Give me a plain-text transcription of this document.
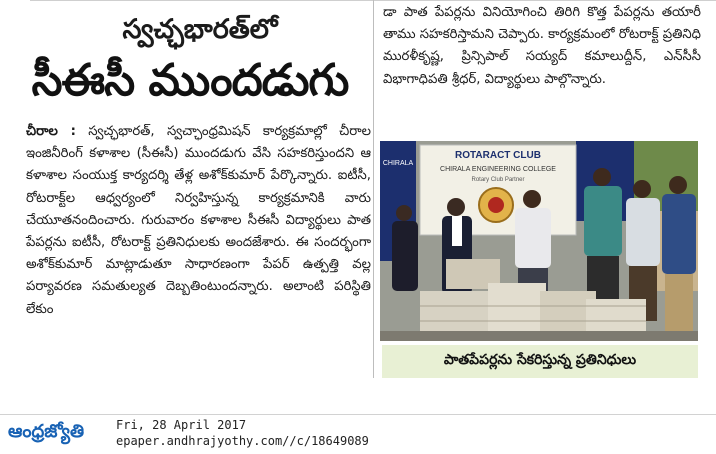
స్వచ్ఛభారత్‌లో
సీఈసీ ముందడుగు
చీరాల : స్వచ్ఛభారత్, స్వచ్ఛాంధ్రమిషన్ కార్యక్రమాల్లో చీరాల ఇంజినీరింగ్ కళాశాల (సీఈసీ) ముందడుగు వేసి సహకరిస్తుందని ఆ కళాశాల సంయుక్త కార్యదర్శి తేళ్ల అశోక్‌కుమార్ పేర్కొన్నారు. ఐటీసీ, రోటరాక్ట్‌ల ఆధ్వర్యంలో నిర్వహిస్తున్న కార్యక్రమానికి వారు చేయూతనందించారు. గురువారం కళాశాల సీఈసీ విద్యార్థులు పాత పేపర్లను ఐటీసీ, రోటరాక్ట్ ప్రతినిధులకు అందజేశారు. ఈ సందర్భంగా అశోక్‌కుమార్ మాట్లాడుతూ సాధారణంగా పేపర్ ఉత్పత్తి వల్ల పర్యావరణ సమతుల్యత దెబ్బతింటుందన్నారు. అలాంటి పరిస్థితి లేకుం
డా పాత పేపర్లను వినియోగించి తిరిగి కొత్త పేపర్లను తయారీ తాము సహకరిస్తామని చెప్పారు. కార్యక్రమంలో రోటరాక్ట్ ప్రతినిధి మురళీకృష్ణ, ప్రిన్సిపాల్ సయ్యద్ కమాలుద్దీన్, ఎన్‌సీసీ విభాగాధిపతి శ్రీధర్, విద్యార్థులు పాల్గొన్నారు.
CHIRALA
ROTARACT CLUB
CHIRALA ENGINEERING COLLEGE
Rotary Club Partner
పాతపేపర్లను సేకరిస్తున్న ప్రతినిధులు
ఆంధ్రజ్యోతి	Fri, 28 April 2017
epaper.andhrajyothy.com//c/18649089
